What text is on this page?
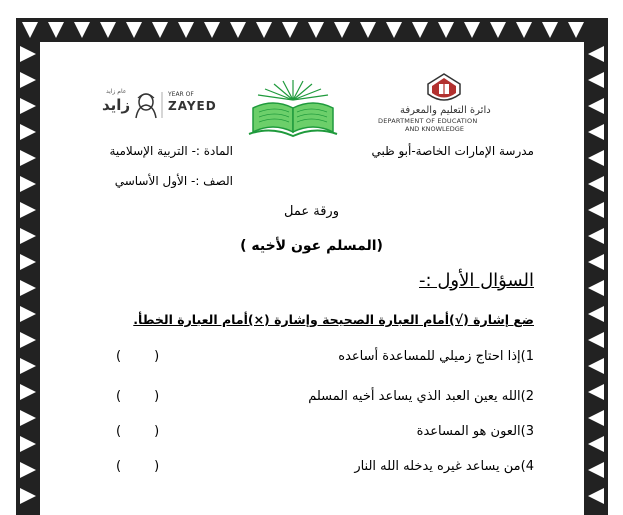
زايد
عام زايد	YEAR OF
ZAYED	دائرة التعليم والمعرفة
DEPARTMENT OF EDUCATION
AND KNOWLEDGE
مدرسة الإمارات الخاصة-أبو ظبي
المادة :- التربية الإسلامية
الصف :- الأول الأساسي
ورقة عمل
(المسلم عون لأخيه )
السؤال الأول :-
ضع إشارة (√)أمام العبارة الصحيحة وإشارة (×)أمام العبارة الخطأ.
1)إذا احتاج زميلي للمساعدة أساعده
(        )
2)الله يعين العبد الذي يساعد أخيه المسلم
(        )
3)العون هو المساعدة
(        )
4)من يساعد غيره يدخله الله النار
(        )
